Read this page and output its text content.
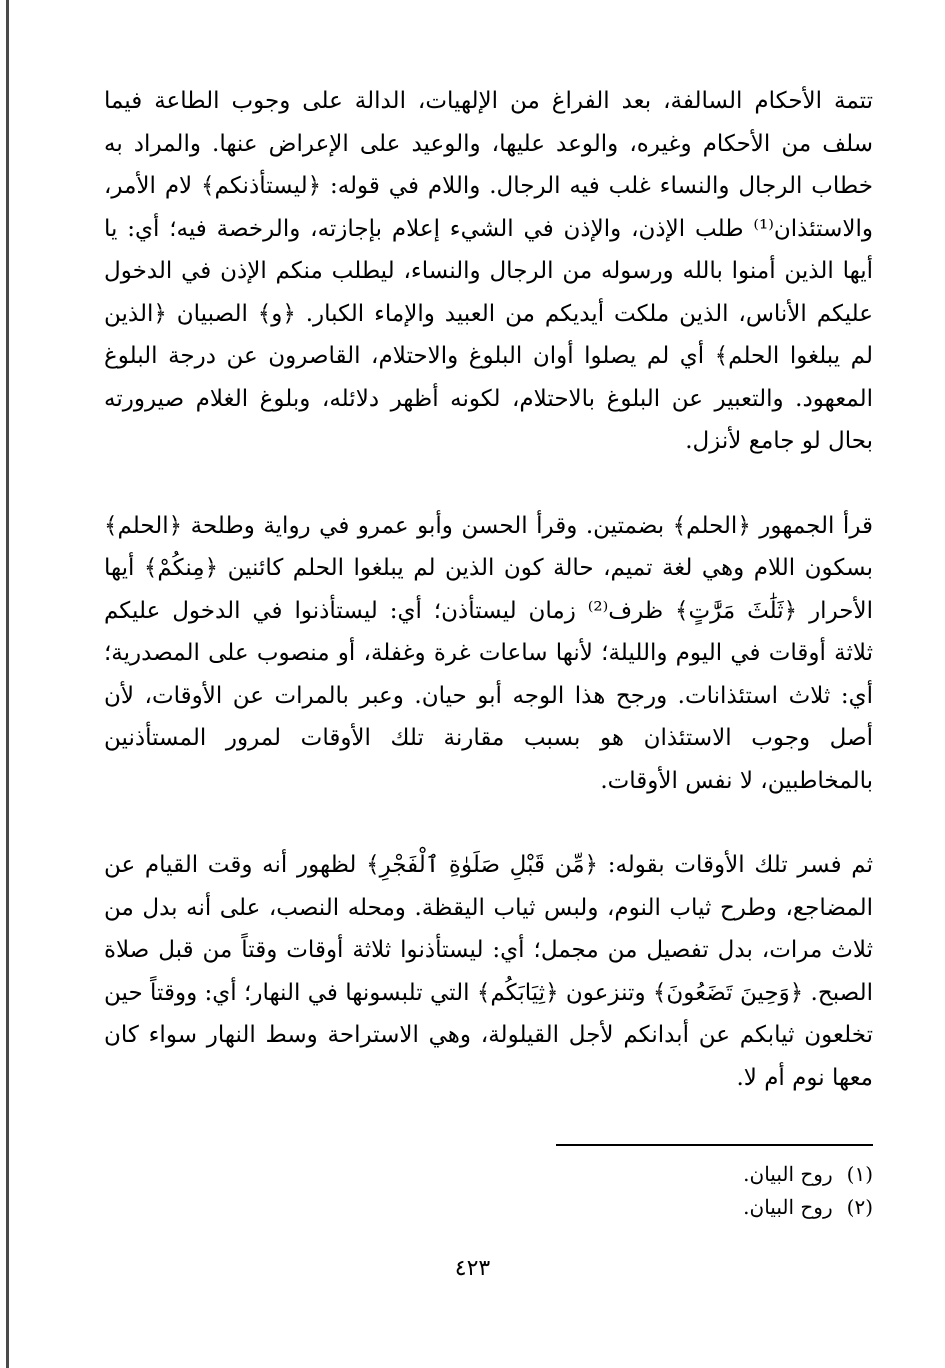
تتمة الأحكام السالفة، بعد الفراغ من الإلهيات، الدالة على وجوب الطاعة فيما سلف من الأحكام وغيره، والوعد عليها، والوعيد على الإعراض عنها. والمراد به خطاب الرجال والنساء غلب فيه الرجال. واللام في قوله: ﴿ليستأذنكم﴾ لام الأمر، والاستئذان⁽¹⁾ طلب الإذن، والإذن في الشيء إعلام بإجازته، والرخصة فيه؛ أي: يا أيها الذين أمنوا بالله ورسوله من الرجال والنساء، ليطلب منكم الإذن في الدخول عليكم الأناس، الذين ملكت أيديكم من العبيد والإماء الكبار. ﴿و﴾ الصبيان ﴿الذين لم يبلغوا الحلم﴾ أي لم يصلوا أوان البلوغ والاحتلام، القاصرون عن درجة البلوغ المعهود. والتعبير عن البلوغ بالاحتلام، لكونه أظهر دلائله، وبلوغ الغلام صيرورته بحال لو جامع لأنزل.

قرأ الجمهور ﴿الحلم﴾ بضمتين. وقرأ الحسن وأبو عمرو في رواية وطلحة ﴿الحلم﴾ بسكون اللام وهي لغة تميم، حالة كون الذين لم يبلغوا الحلم كائنين ﴿مِنكُمْ﴾ أيها الأحرار ﴿ثَلَٰثَ مَرَّٰتٍ﴾ ظرف⁽²⁾ زمان ليستأذن؛ أي: ليستأذنوا في الدخول عليكم ثلاثة أوقات في اليوم والليلة؛ لأنها ساعات غرة وغفلة، أو منصوب على المصدرية؛ أي: ثلاث استئذانات. ورجح هذا الوجه أبو حيان. وعبر بالمرات عن الأوقات، لأن أصل وجوب الاستئذان هو بسبب مقارنة تلك الأوقات لمرور المستأذنين بالمخاطبين، لا نفس الأوقات.

ثم فسر تلك الأوقات بقوله: ﴿مِّن قَبْلِ صَلَوٰةِ ٱلْفَجْرِ﴾ لظهور أنه وقت القيام عن المضاجع، وطرح ثياب النوم، ولبس ثياب اليقظة. ومحله النصب، على أنه بدل من ثلاث مرات، بدل تفصيل من مجمل؛ أي: ليستأذنوا ثلاثة أوقات وقتاً من قبل صلاة الصبح. ﴿وَحِينَ تَضَعُونَ﴾ وتنزعون ﴿ثِيَابَكُم﴾ التي تلبسونها في النهار؛ أي: ووقتاً حين تخلعون ثيابكم عن أبدانكم لأجل القيلولة، وهي الاستراحة وسط النهار سواء كان معها نوم أم لا.

(١)روح البيان.
(٢)روح البيان.
٤٢٣
